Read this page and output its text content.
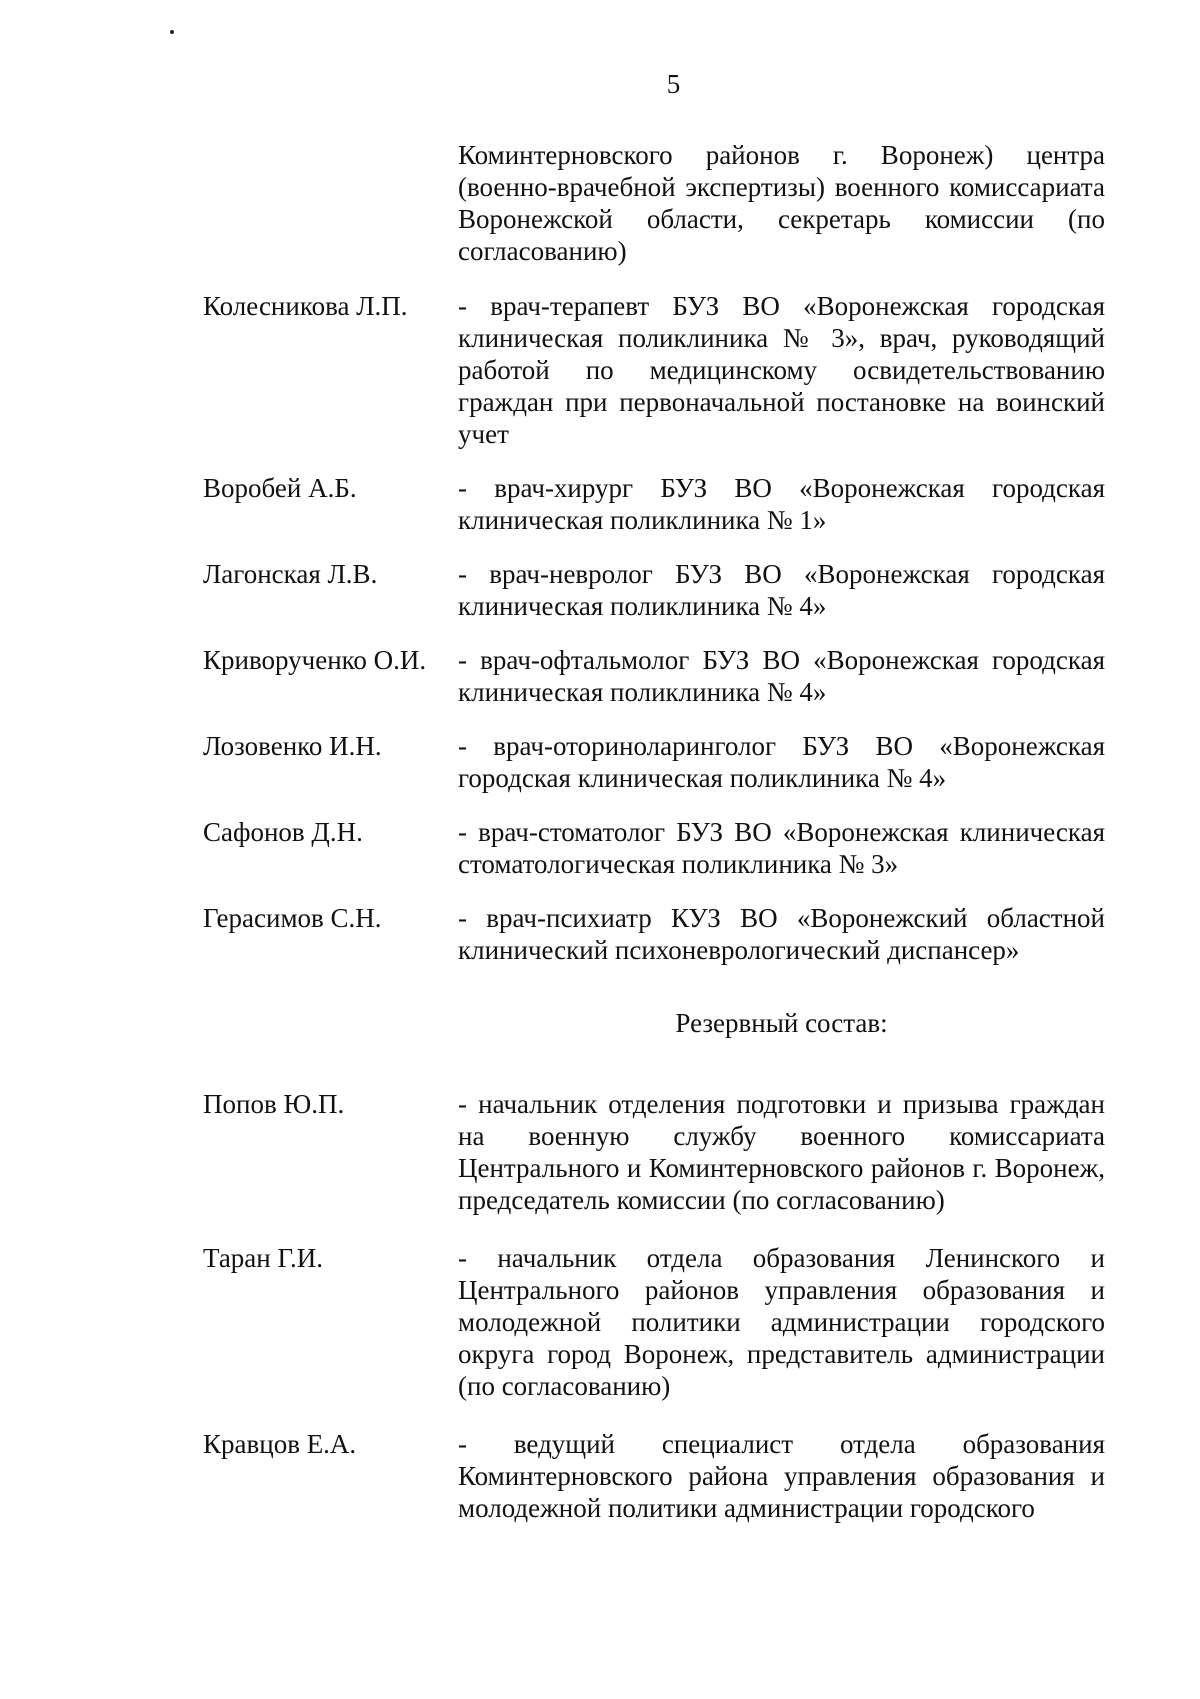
5
Коминтерновского районов г. Воронеж) центра (военно-врачебной экспертизы) военного комиссариата Воронежской области, секретарь комиссии (по согласованию)
Колесникова Л.П.	- врач-терапевт БУЗ ВО «Воронежская городская клиническая поликлиника № 3», врач, руководящий работой по медицинскому освидетельствованию граждан при первоначальной постановке на воинский учет
Воробей А.Б.	- врач-хирург БУЗ ВО «Воронежская городская клиническая поликлиника № 1»
Лагонская Л.В.	- врач-невролог БУЗ ВО «Воронежская городская клиническая поликлиника № 4»
Криворученко О.И.	- врач-офтальмолог БУЗ ВО «Воронежская городская клиническая поликлиника № 4»
Лозовенко И.Н.	- врач-оториноларинголог БУЗ ВО «Воронежская городская клиническая поликлиника № 4»
Сафонов Д.Н.	- врач-стоматолог БУЗ ВО «Воронежская клиническая стоматологическая поликлиника № 3»
Герасимов С.Н.	- врач-психиатр КУЗ ВО «Воронежский областной клинический психоневрологический диспансер»
Резервный состав:
Попов Ю.П.	- начальник отделения подготовки и призыва граждан на военную службу военного комиссариата Центрального и Коминтерновского районов г. Воронеж, председатель комиссии (по согласованию)
Таран Г.И.	- начальник отдела образования Ленинского и Центрального районов управления образования и молодежной политики администрации городского округа город Воронеж, представитель администрации (по согласованию)
Кравцов Е.А.	- ведущий специалист отдела образования Коминтерновского района управления образования и молодежной политики администрации городского
